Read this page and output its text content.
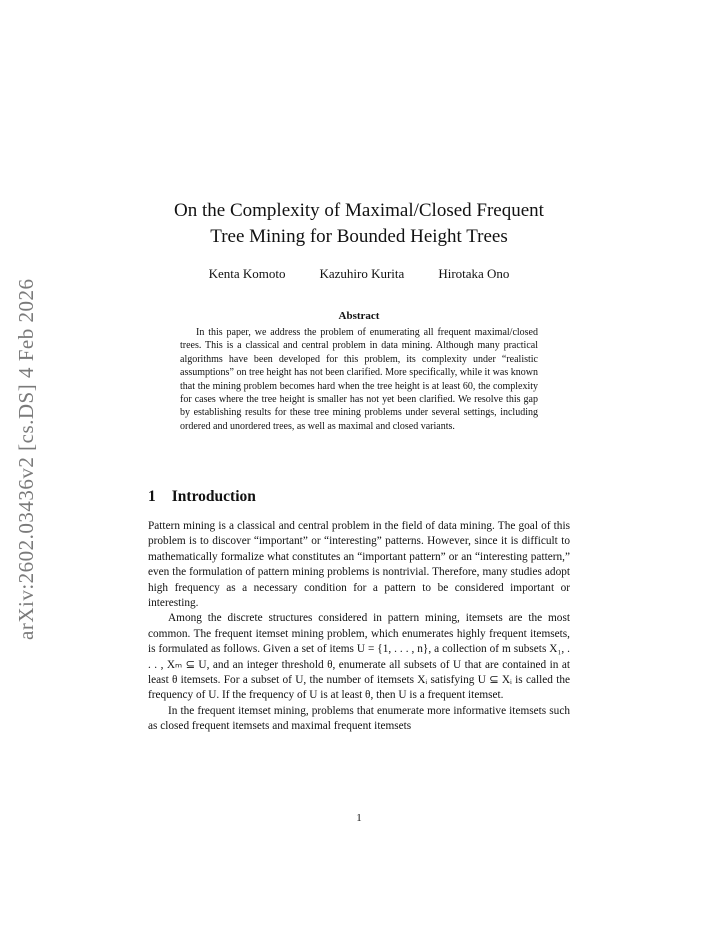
arXiv:2602.03436v2 [cs.DS] 4 Feb 2026
On the Complexity of Maximal/Closed Frequent
Tree Mining for Bounded Height Trees
Kenta Komoto	Kazuhiro Kurita	Hirotaka Ono
Abstract

In this paper, we address the problem of enumerating all frequent maximal/closed trees. This is a classical and central problem in data mining. Although many practical algorithms have been developed for this problem, its complexity under “realistic assumptions” on tree height has not been clarified. More specifically, while it was known that the mining problem becomes hard when the tree height is at least 60, the complexity for cases where the tree height is smaller has not yet been clarified. We resolve this gap by establishing results for these tree mining problems under several settings, including ordered and unordered trees, as well as maximal and closed variants.

1 Introduction

Pattern mining is a classical and central problem in the field of data mining. The goal of this problem is to discover “important” or “interesting” patterns. However, since it is difficult to mathematically formalize what constitutes an “important pattern” or an “interesting pattern,” even the formulation of pattern mining problems is nontrivial. Therefore, many studies adopt high frequency as a necessary condition for a pattern to be considered important or interesting.

Among the discrete structures considered in pattern mining, itemsets are the most common. The frequent itemset mining problem, which enumerates highly frequent itemsets, is formulated as follows. Given a set of items U = {1, . . . , n}, a collection of m subsets X₁, . . . , Xₘ ⊆ U, and an integer threshold θ, enumerate all subsets of U that are contained in at least θ itemsets. For a subset of U, the number of itemsets Xᵢ satisfying U ⊆ Xᵢ is called the frequency of U. If the frequency of U is at least θ, then U is a frequent itemset.

In the frequent itemset mining, problems that enumerate more informative itemsets such as closed frequent itemsets and maximal frequent itemsets

1
